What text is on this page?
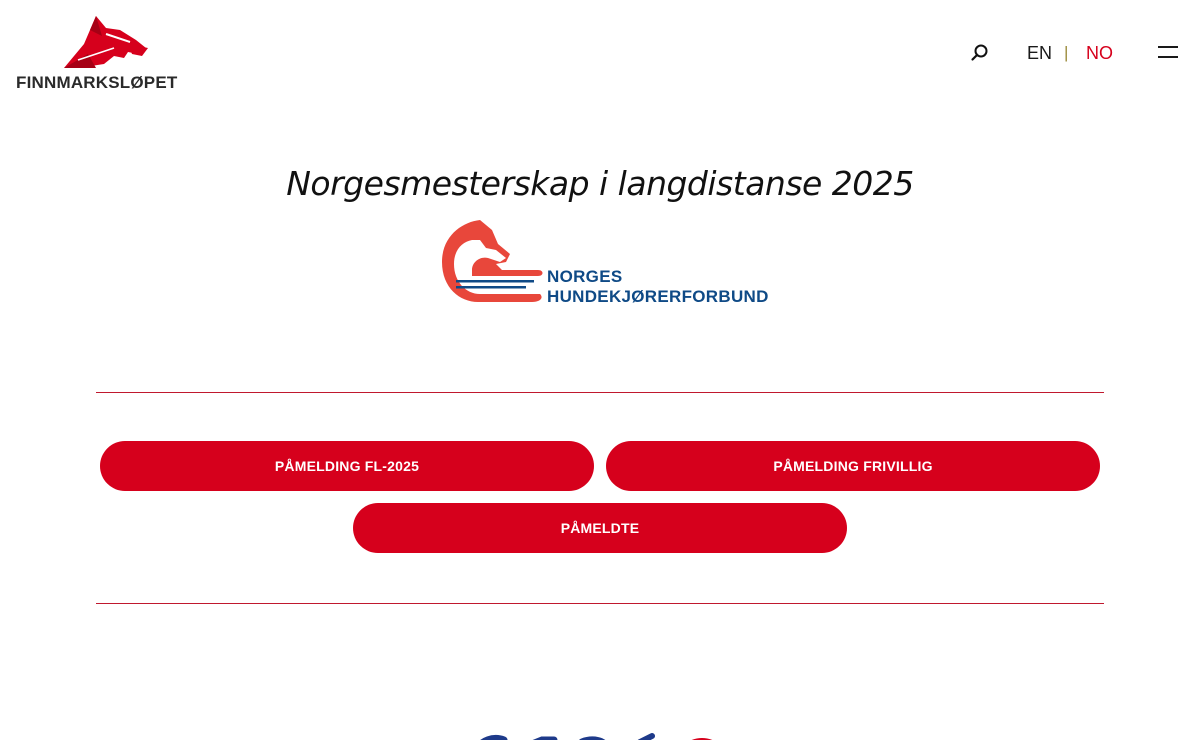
FINNMARKSLØPET
EN | NO
Norgesmesterskap i langdistanse 2025
NORGES
HUNDEKJØRERFORBUND
PÅMELDING FL-2025	PÅMELDING FRIVILLIG
PÅMELDTE
